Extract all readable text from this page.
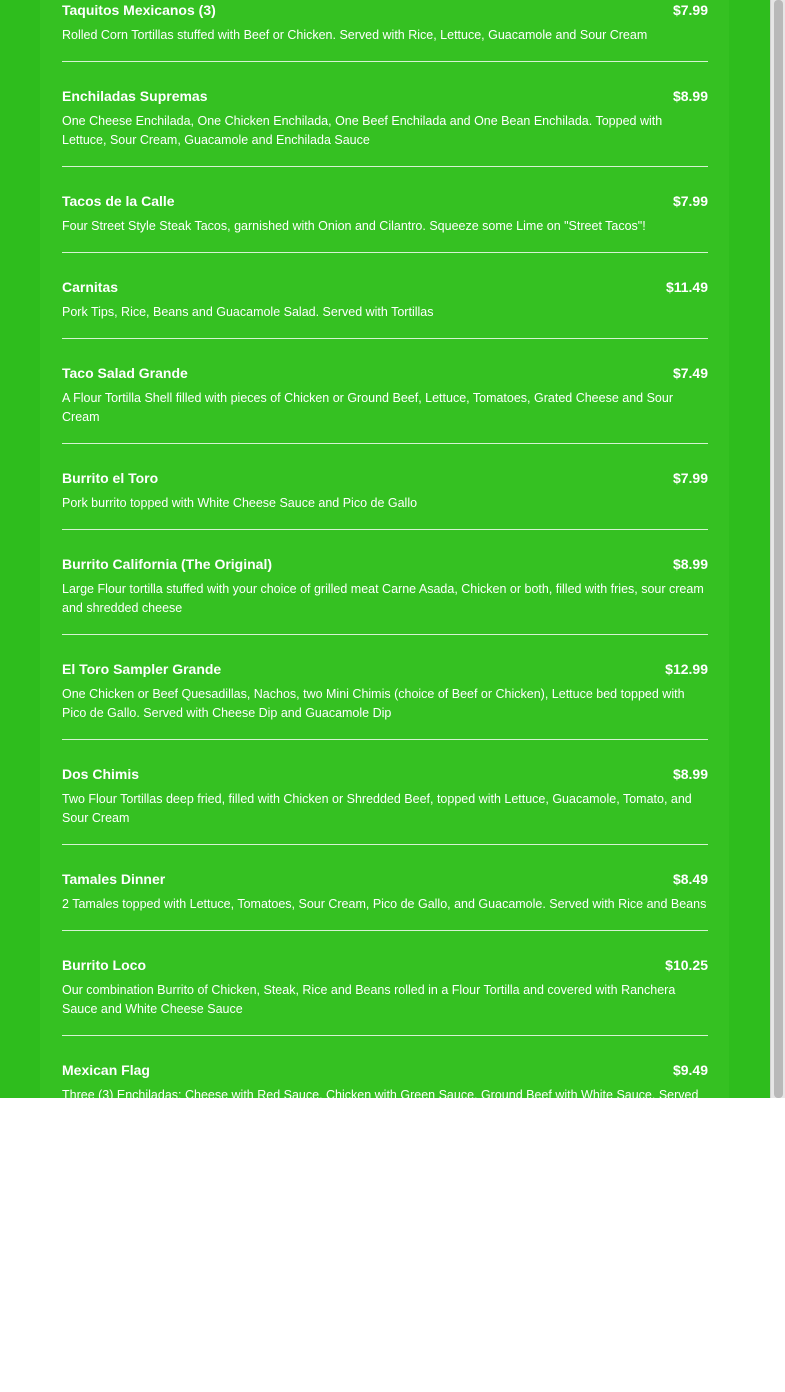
Taquitos Mexicanos (3)	$7.99
Rolled Corn Tortillas stuffed with Beef or Chicken. Served with Rice, Lettuce, Guacamole and Sour Cream
Enchiladas Supremas	$8.99
One Cheese Enchilada, One Chicken Enchilada, One Beef Enchilada and One Bean Enchilada. Topped with Lettuce, Sour Cream, Guacamole and Enchilada Sauce
Tacos de la Calle	$7.99
Four Street Style Steak Tacos, garnished with Onion and Cilantro. Squeeze some Lime on "Street Tacos"!
Carnitas	$11.49
Pork Tips, Rice, Beans and Guacamole Salad. Served with Tortillas
Taco Salad Grande	$7.49
A Flour Tortilla Shell filled with pieces of Chicken or Ground Beef, Lettuce, Tomatoes, Grated Cheese and Sour Cream
Burrito el Toro	$7.99
Pork burrito topped with White Cheese Sauce and Pico de Gallo
Burrito California (The Original)	$8.99
Large Flour tortilla stuffed with your choice of grilled meat Carne Asada, Chicken or both, filled with fries, sour cream and shredded cheese
El Toro Sampler Grande	$12.99
One Chicken or Beef Quesadillas, Nachos, two Mini Chimis (choice of Beef or Chicken), Lettuce bed topped with Pico de Gallo. Served with Cheese Dip and Guacamole Dip
Dos Chimis	$8.99
Two Flour Tortillas deep fried, filled with Chicken or Shredded Beef, topped with Lettuce, Guacamole, Tomato, and Sour Cream
Tamales Dinner	$8.49
2 Tamales topped with Lettuce, Tomatoes, Sour Cream, Pico de Gallo, and Guacamole. Served with Rice and Beans
Burrito Loco	$10.25
Our combination Burrito of Chicken, Steak, Rice and Beans rolled in a Flour Tortilla and covered with Ranchera Sauce and White Cheese Sauce
Mexican Flag	$9.49
Three (3) Enchiladas: Cheese with Red Sauce, Chicken with Green Sauce, Ground Beef with White Sauce. Served with Rice and Beans
Chile Verde	$9.25
Chunks of Pork cooked in a Special Green Sauce served with Rice, Beans and Tortillas
Enchiladas Verdes	$8.25
Two Chicken Enchiladas covered with our Green Sauce. Served with Rice and Beans
Pancho Villa Burrito	$9.99
